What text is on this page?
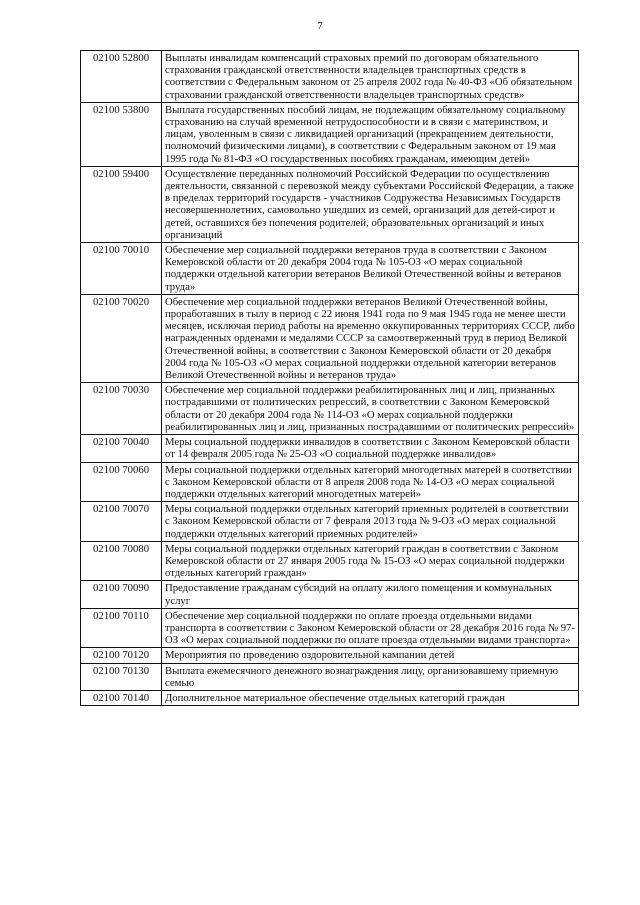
7
02100 52800	Выплаты инвалидам компенсаций страховых премий по договорам обязательного страхования гражданской ответственности владельцев транспортных средств в соответствии с Федеральным законом от 25 апреля 2002 года № 40-ФЗ «Об обязательном страховании гражданской ответственности владельцев транспортных средств»
02100 53800	Выплата государственных пособий лицам, не подлежащим обязательному социальному страхованию на случай временной нетрудоспособности и в связи с материнством, и лицам, уволенным в связи с ликвидацией организаций (прекращением деятельности, полномочий физическими лицами), в соответствии с Федеральным законом от 19 мая 1995 года № 81-ФЗ «О государственных пособиях гражданам, имеющим детей»
02100 59400	Осуществление переданных полномочий Российской Федерации по осуществлению деятельности, связанной с перевозкой между субъектами Российской Федерации, а также в пределах территорий государств - участников Содружества Независимых Государств несовершеннолетних, самовольно ушедших из семей, организаций для детей-сирот и детей, оставшихся без попечения родителей, образовательных организаций и иных организаций
02100 70010	Обеспечение мер социальной поддержки ветеранов труда в соответствии с Законом Кемеровской области от 20 декабря 2004 года № 105-ОЗ «О мерах социальной поддержки отдельной категории ветеранов Великой Отечественной войны и ветеранов труда»
02100 70020	Обеспечение мер социальной поддержки ветеранов Великой Отечественной войны, проработавших в тылу в период с 22 июня 1941 года по 9 мая 1945 года не менее шести месяцев, исключая период работы на временно оккупированных территориях СССР, либо награжденных орденами и медалями СССР за самоотверженный труд в период Великой Отечественной войны, в соответствии с Законом Кемеровской области от 20 декабря 2004 года № 105-ОЗ «О мерах социальной поддержки отдельной категории ветеранов Великой Отечественной войны и ветеранов труда»
02100 70030	Обеспечение мер социальной поддержки реабилитированных лиц и лиц, признанных пострадавшими от политических репрессий, в соответствии с Законом Кемеровской области от 20 декабря 2004 года № 114-ОЗ «О мерах социальной поддержки реабилитированных лиц и лиц, признанных пострадавшими от политических репрессий»
02100 70040	Меры социальной поддержки инвалидов в соответствии с Законом Кемеровской области от 14 февраля 2005 года № 25-ОЗ «О социальной поддержке инвалидов»
02100 70060	Меры социальной поддержки отдельных категорий многодетных матерей в соответствии с Законом Кемеровской области от 8 апреля 2008 года № 14-ОЗ «О мерах социальной поддержки отдельных категорий многодетных матерей»
02100 70070	Меры социальной поддержки отдельных категорий приемных родителей в соответствии с Законом Кемеровской области от 7 февраля 2013 года № 9-ОЗ «О мерах социальной поддержки отдельных категорий приемных родителей»
02100 70080	Меры социальной поддержки отдельных категорий граждан в соответствии с Законом Кемеровской области от 27 января 2005 года № 15-ОЗ «О мерах социальной поддержки отдельных категорий граждан»
02100 70090	Предоставление гражданам субсидий на оплату жилого помещения и коммунальных услуг
02100 70110	Обеспечение мер социальной поддержки по оплате проезда отдельными видами транспорта в соответствии с Законом Кемеровской области от 28 декабря 2016 года № 97-ОЗ «О мерах социальной поддержки по оплате проезда отдельными видами транспорта»
02100 70120	Мероприятия по проведению оздоровительной кампании детей
02100 70130	Выплата ежемесячного денежного вознаграждения лицу, организовавшему приемную семью
02100 70140	Дополнительное материальное обеспечение отдельных категорий граждан
